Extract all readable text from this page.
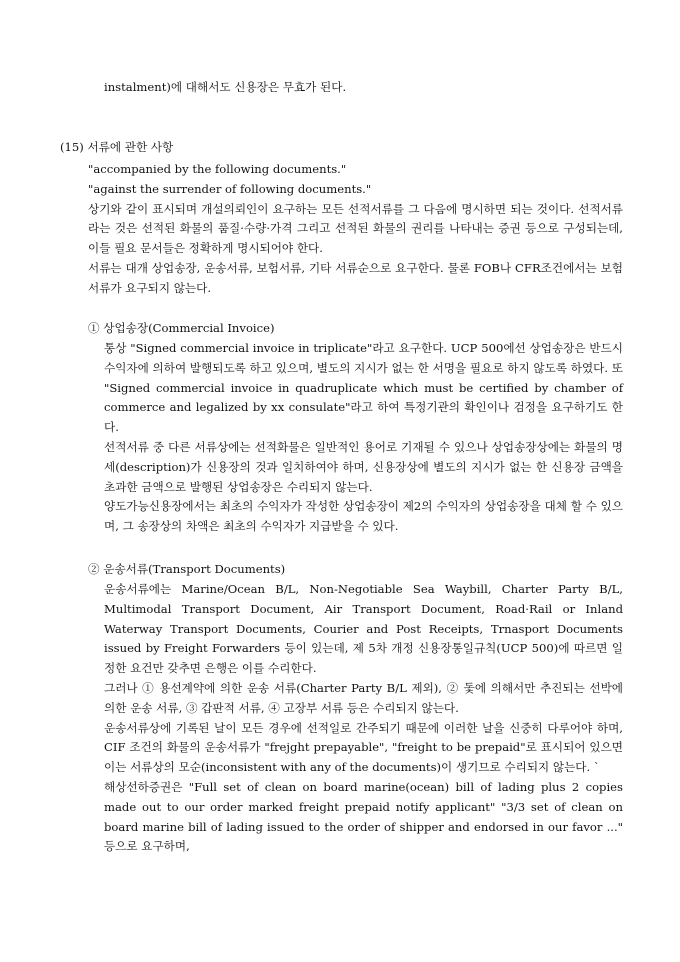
instalment)에 대해서도 신용장은 무효가 된다.

(15) 서류에 관한 사항

"accompanied by the following documents."

"against the surrender of following documents."

상기와 같이 표시되며 개설의뢰인이 요구하는 모든 선적서류를 그 다음에 명시하면 되는 것이다. 선적서류라는 것은 선적된 화물의 품질·수량·가격 그리고 선적된 화물의 권리를 나타내는 증권 등으로 구성되는데, 이들 필요 문서들은 정확하게 명시되어야 한다.

서류는 대개 상업송장, 운송서류, 보험서류, 기타 서류순으로 요구한다. 물론 FOB나 CFR조건에서는 보험서류가 요구되지 않는다.

① 상업송장(Commercial Invoice)

통상 "Signed commercial invoice in triplicate"라고 요구한다. UCP 500에선 상업송장은 반드시 수익자에 의하여 발행되도록 하고 있으며, 별도의 지시가 없는 한 서명을 필요로 하지 않도록 하였다. 또 "Signed commercial invoice in quadruplicate which must be certified by chamber of commerce and legalized by xx consulate"라고 하여 특정기관의 확인이나 검정을 요구하기도 한다.

선적서류 중 다른 서류상에는 선적화물은 일반적인 용어로 기재될 수 있으나 상업송장상에는 화물의 명세(description)가 신용장의 것과 일치하여야 하며, 신용장상에 별도의 지시가 없는 한 신용장 금액을 초과한 금액으로 발행된 상업송장은 수리되지 않는다.

양도가능신용장에서는 최초의 수익자가 작성한 상업송장이 제2의 수익자의 상업송장을 대체 할 수 있으며, 그 송장상의 차액은 최초의 수익자가 지급받을 수 있다.

② 운송서류(Transport Documents)

운송서류에는 Marine/Ocean B/L, Non-Negotiable Sea Waybill, Charter Party B/L, Multimodal Transport Document, Air Transport Document, Road·Rail or Inland Waterway Transport Documents, Courier and Post Receipts, Trnasport Documents issued by Freight Forwarders 등이 있는데, 제 5차 개정 신용장통일규칙(UCP 500)에 따르면 일정한 요건만 갖추면 은행은 이를 수리한다.

그러나 ① 용선계약에 의한 운송 서류(Charter Party B/L 제외), ② 돛에 의해서만 추진되는 선박에 의한 운송 서류, ③ 갑판적 서류, ④ 고장부 서류 등은 수리되지 않는다.

운송서류상에 기록된 날이 모든 경우에 선적일로 간주되기 때문에 이러한 날을 신중히 다루어야 하며, CIF 조건의 화물의 운송서류가 "frejght prepayable", "freight to be prepaid"로 표시되어 있으면 이는 서류상의 모순(inconsistent with any of the documents)이 생기므로 수리되지 않는다. `

해상선하증권은 "Full set of clean on board marine(ocean) bill of lading plus 2 copies made out to our order marked freight prepaid notify applicant" "3/3 set of clean on board marine bill of lading issued to the order of shipper and endorsed in our favor ..." 등으로 요구하며,
